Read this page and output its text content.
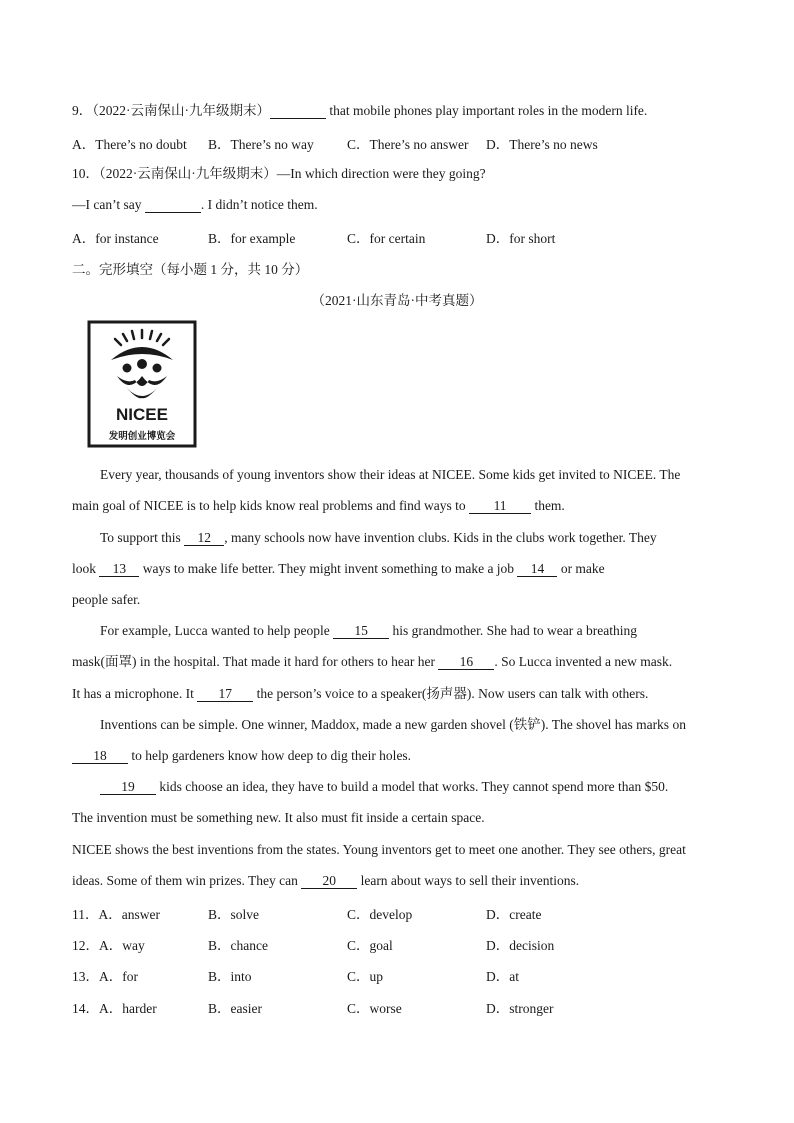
9．（2022·云南保山·九年级期末）	that mobile phones play important roles in the modern life.
A．There’s no doubt B．There’s no way C．There’s no answer D．There’s no news
10．（2022·云南保山·九年级期末）—In which direction were they going?
—I can’t say	. I didn’t notice them.
A．for instance	B．for example	C．for certain	D．for short
二。完形填空（每小题 1 分，共 10 分）
（2021·山东青岛·中考真题）
NICEE
发明创业博览会
Every year, thousands of young inventors show their ideas at NICEE. Some kids get invited to NICEE. The
main goal of NICEE is to help kids know real problems and find ways to 11 them.
To support this 12 , many schools now have invention clubs. Kids in the clubs work together. They
look 13 ways to make life better. They might invent something to make a job 14 or make
people safer.
For example, Lucca wanted to help people 15 his grandmother. She had to wear a breathing
mask(面罩) in the hospital. That made it hard for others to hear her 16 . So Lucca invented a new mask.
It has a microphone. It 17 the person’s voice to a speaker(扬声器). Now users can talk with others.
Inventions can be simple. One winner, Maddox, made a new garden shovel (铁铲). The shovel has marks on
18 to help gardeners know how deep to dig their holes.
19 kids choose an idea, they have to build a model that works. They cannot spend more than $50.
The invention must be something new. It also must fit inside a certain space.
NICEE shows the best inventions from the states. Young inventors get to meet one another. They see others, great
ideas. Some of them win prizes. They can 20 learn about ways to sell their inventions.
11．A．answer	B．solve	C．develop	D．create
12．A．way	B．chance	C．goal	D．decision
13．A．for	B．into	C．up	D．at
14．A．harder	B．easier	C．worse	D．stronger
